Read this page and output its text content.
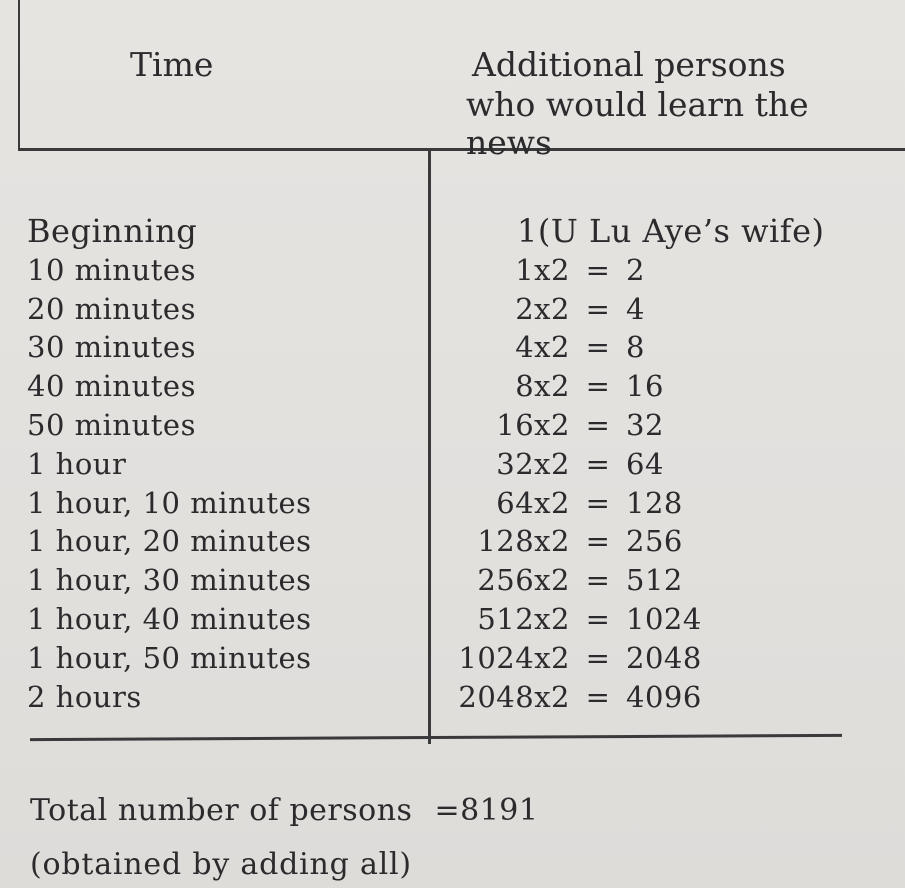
Time	Additional persons
who would learn the news
Beginning
10 minutes
20 minutes
30 minutes
40 minutes
50 minutes
1 hour
1 hour, 10 minutes
1 hour, 20 minutes
1 hour, 30 minutes
1 hour, 40 minutes
1 hour, 50 minutes
2 hours
1(U Lu Aye’s wife)
1x2 = 2
2x2 = 4
4x2 = 8
8x2 = 16
16x2 = 32
32x2 = 64
64x2 = 128
128x2 = 256
256x2 = 512
512x2 = 1024
1024x2 = 2048
2048x2 = 4096
Total number of persons =8191
(obtained by adding all)
